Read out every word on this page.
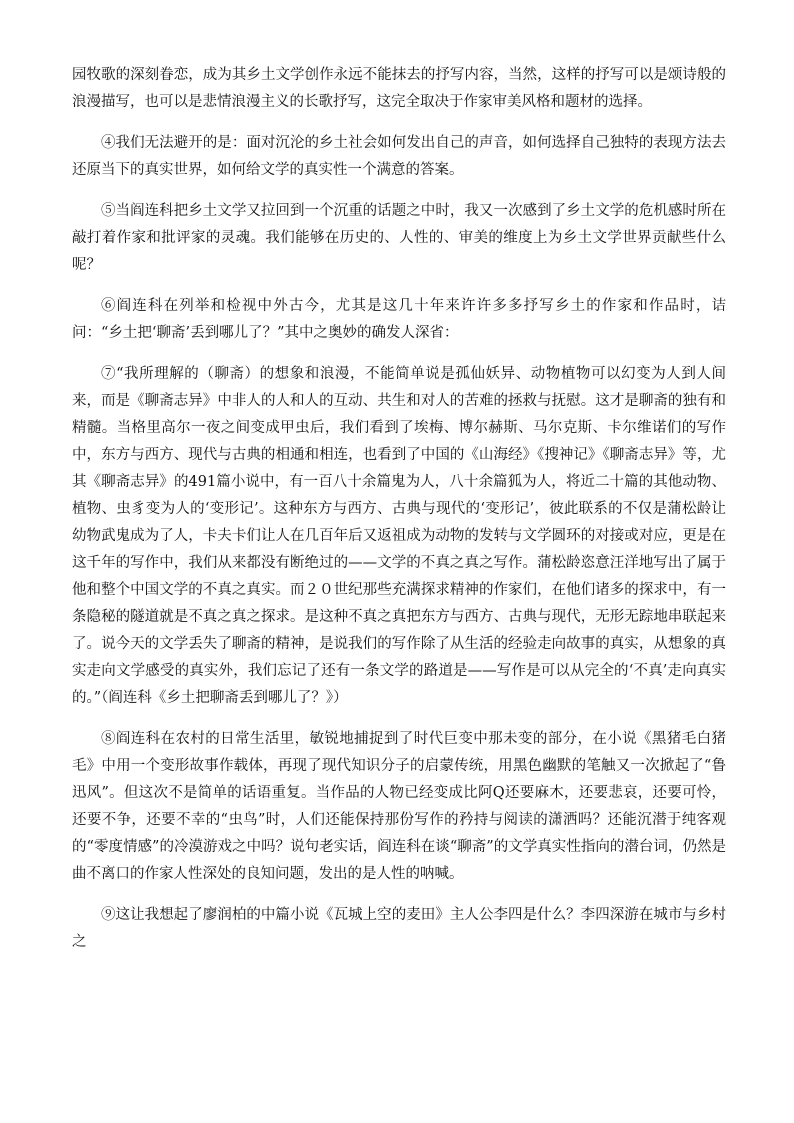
园牧歌的深刻眷恋，成为其乡土文学创作永远不能抹去的抒写内容，当然，这样的抒写可以是颂诗般的浪漫描写，也可以是悲情浪漫主义的长歌抒写，这完全取决于作家审美风格和题材的选择。

④我们无法避开的是：面对沉沦的乡土社会如何发出自己的声音，如何选择自己独特的表现方法去还原当下的真实世界，如何给文学的真实性一个满意的答案。

⑤当阎连科把乡土文学又拉回到一个沉重的话题之中时，我又一次感到了乡土文学的危机感时所在敲打着作家和批评家的灵魂。我们能够在历史的、人性的、审美的维度上为乡土文学世界贡献些什么呢？

⑥阎连科在列举和检视中外古今，尤其是这几十年来许许多多抒写乡土的作家和作品时，诘问：“乡土把‘聊斋’丢到哪儿了？”其中之奥妙的确发人深省：

⑦“我所理解的（聊斋）的想象和浪漫，不能简单说是孤仙妖异、动物植物可以幻变为人到人间来，而是《聊斋志异》中非人的人和人的互动、共生和对人的苦难的拯救与抚慰。这才是聊斋的独有和精髓。当格里高尔一夜之间变成甲虫后，我们看到了埃梅、博尔赫斯、马尔克斯、卡尔维诺们的写作中，东方与西方、现代与古典的相通和相连，也看到了中国的《山海经》《搜神记》《聊斋志异》等，尤其《聊斋志异》的491篇小说中，有一百八十余篇鬼为人，八十余篇狐为人，将近二十篇的其他动物、植物、虫豸变为人的‘变形记’。这种东方与西方、古典与现代的‘变形记’，彼此联系的不仅是蒲松龄让幼物武鬼成为了人，卡夫卡们让人在几百年后又返祖成为动物的发转与文学圆环的对接或对应，更是在这千年的写作中，我们从来都没有断绝过的——文学的不真之真之写作。蒲松龄恣意汪洋地写出了属于他和整个中国文学的不真之真实。而２０世纪那些充满探求精神的作家们，在他们诸多的探求中，有一条隐秘的隧道就是不真之真之探求。是这种不真之真把东方与西方、古典与现代，无形无踪地串联起来了。说今天的文学丢失了聊斋的精神，是说我们的写作除了从生活的经验走向故事的真实，从想象的真实走向文学感受的真实外，我们忘记了还有一条文学的路道是——写作是可以从完全的‘不真’走向真实的。”（阎连科《乡土把聊斋丢到哪儿了？》）

⑧阎连科在农村的日常生活里，敏锐地捕捉到了时代巨变中那未变的部分，在小说《黑猪毛白猪毛》中用一个变形故事作载体，再现了现代知识分子的启蒙传统，用黑色幽默的笔触又一次掀起了“鲁迅风”。但这次不是简单的话语重复。当作品的人物已经变成比阿Q还要麻木，还要悲哀，还要可怜，还要不争，还要不幸的“虫鸟”时，人们还能保持那份写作的矜持与阅读的潇洒吗？还能沉潜于纯客观的“零度情感”的冷漠游戏之中吗？说句老实话，阎连科在谈“聊斋”的文学真实性指向的潜台词，仍然是曲不离口的作家人性深处的良知问题，发出的是人性的呐喊。

⑨这让我想起了廖润柏的中篇小说《瓦城上空的麦田》主人公李四是什么？李四深游在城市与乡村之
